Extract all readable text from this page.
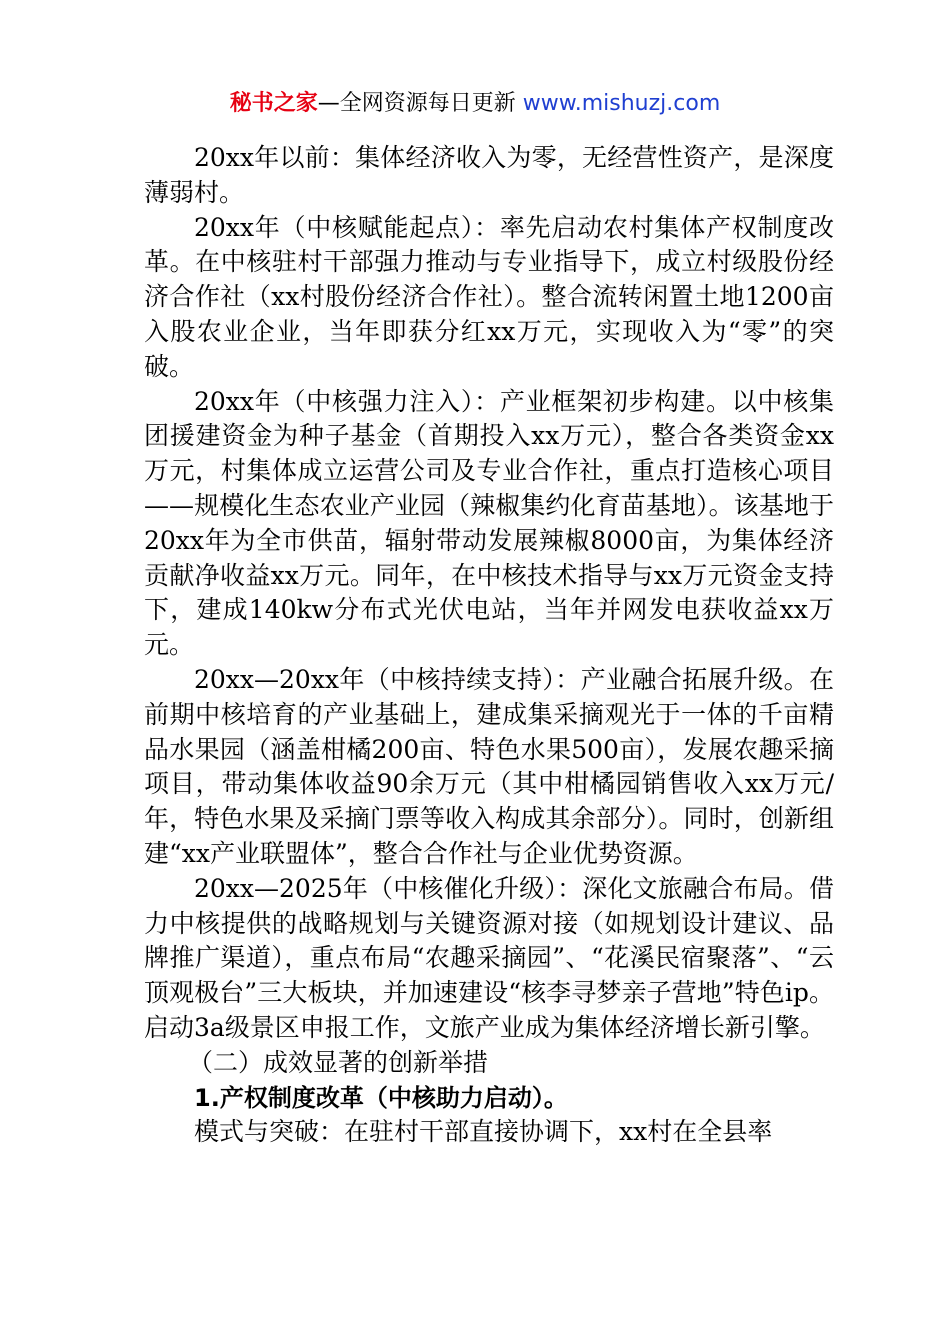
秘书之家—全网资源每日更新 www.mishuzj.com

20xx年以前：集体经济收入为零，无经营性资产，是深度薄弱村。

20xx年（中核赋能起点）：率先启动农村集体产权制度改革。在中核驻村干部强力推动与专业指导下，成立村级股份经济合作社（xx村股份经济合作社）。整合流转闲置土地1200亩入股农业企业，当年即获分红xx万元，实现收入为“零”的突破。

20xx年（中核强力注入）：产业框架初步构建。以中核集团援建资金为种子基金（首期投入xx万元），整合各类资金xx万元，村集体成立运营公司及专业合作社，重点打造核心项目——规模化生态农业产业园（辣椒集约化育苗基地）。该基地于20xx年为全市供苗，辐射带动发展辣椒8000亩，为集体经济贡献净收益xx万元。同年，在中核技术指导与xx万元资金支持下，建成140kw分布式光伏电站，当年并网发电获收益xx万元。

20xx—20xx年（中核持续支持）：产业融合拓展升级。在前期中核培育的产业基础上，建成集采摘观光于一体的千亩精品水果园（涵盖柑橘200亩、特色水果500亩），发展农趣采摘项目，带动集体收益90余万元（其中柑橘园销售收入xx万元/年，特色水果及采摘门票等收入构成其余部分）。同时，创新组建“xx产业联盟体”，整合合作社与企业优势资源。

20xx—2025年（中核催化升级）：深化文旅融合布局。借力中核提供的战略规划与关键资源对接（如规划设计建议、品牌推广渠道），重点布局“农趣采摘园”、“花溪民宿聚落”、“云顶观极台”三大板块，并加速建设“核李寻梦亲子营地”特色ip。启动3a级景区申报工作，文旅产业成为集体经济增长新引擎。

（二）成效显著的创新举措

1.产权制度改革（中核助力启动）。

模式与突破：在驻村干部直接协调下，xx村在全县率
